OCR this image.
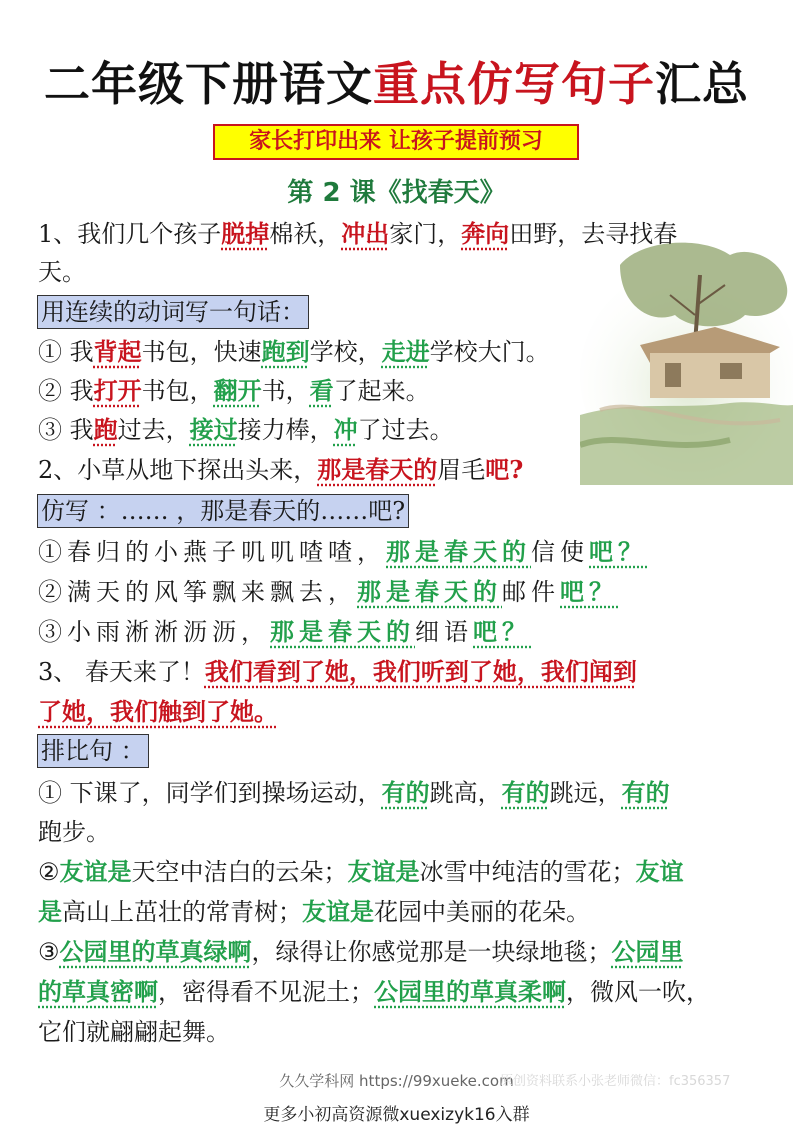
二年级下册语文重点仿写句子汇总
家长打印出来 让孩子提前预习
第 2 课《找春天》
1、我们几个孩子脱掉棉袄，冲出家门，奔向田野，去寻找春
天。
用连续的动词写一句话：
① 我背起书包，快速跑到学校，走进学校大门。
② 我打开书包，翻开书，看了起来。
③ 我跑过去，接过接力棒，冲了过去。
2、小草从地下探出头来，那是春天的眉毛吧?
仿写 ：…… ，那是春天的……吧?
①春归的小燕子叽叽喳喳，那是春天的信使吧？
②满天的风筝飘来飘去，那是春天的邮件吧？
③小雨淅淅沥沥，那是春天的细语吧？
3、 春天来了！我们看到了她，我们听到了她，我们闻到
了她，我们触到了她。
排比句 ：
① 下课了，同学们到操场运动，有的跳高，有的跳远，有的
跑步。
②友谊是天空中洁白的云朵；友谊是冰雪中纯洁的雪花；友谊
是高山上茁壮的常青树；友谊是花园中美丽的花朵。
③公园里的草真绿啊，绿得让你感觉那是一块绿地毯；公园里
的草真密啊，密得看不见泥土；公园里的草真柔啊，微风一吹，
它们就翩翩起舞。
久久学科网 https://99xueke.com
原创资料联系小张老师微信：fc356357
更多小初高资源微xuexizyk16入群
